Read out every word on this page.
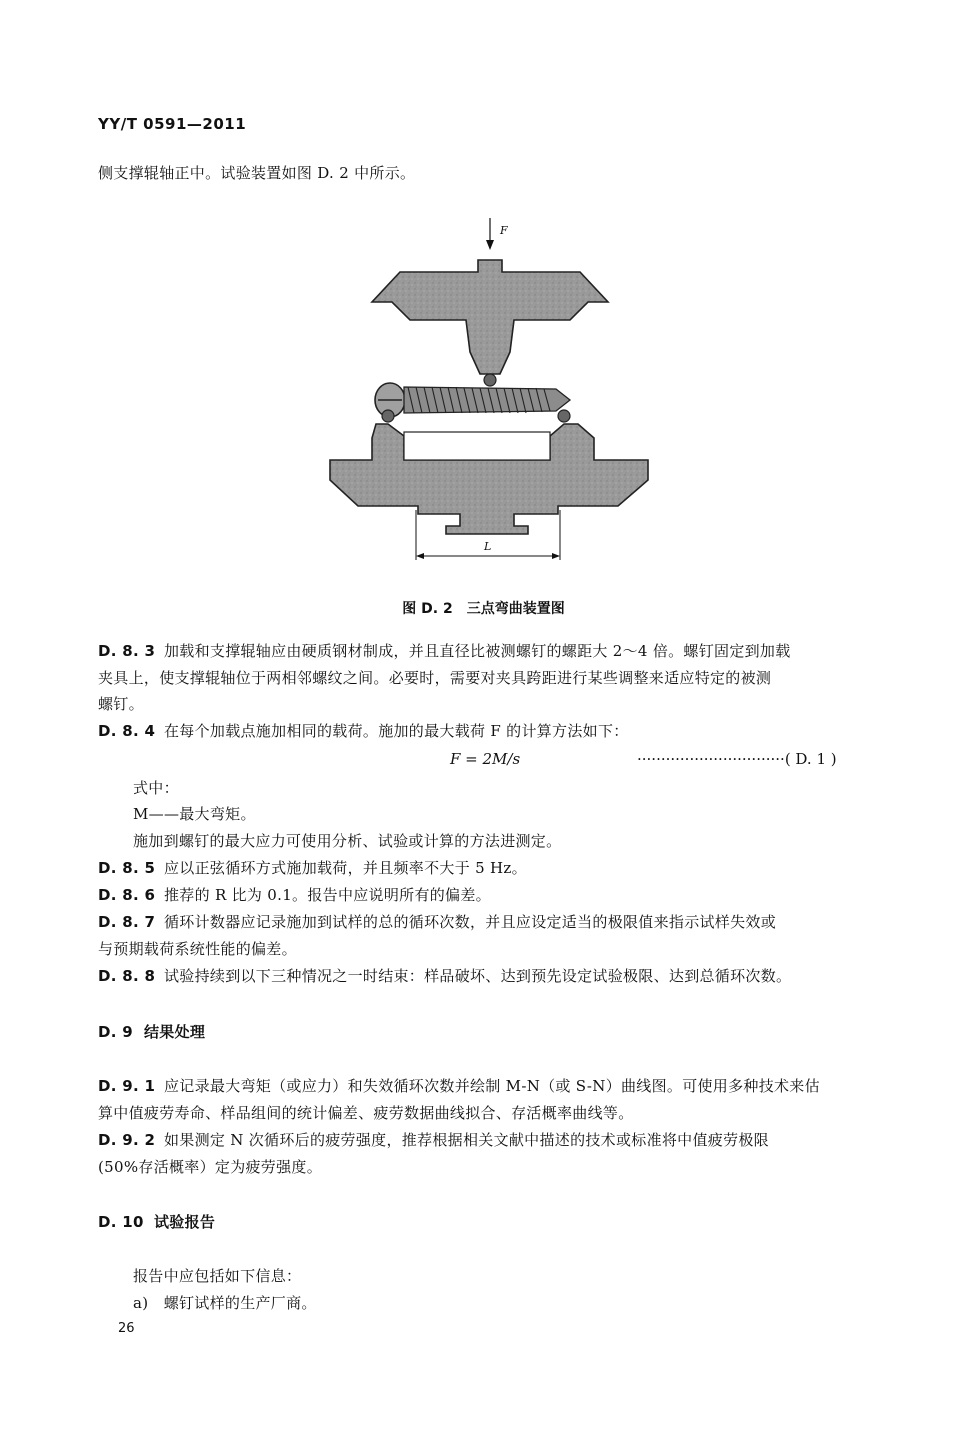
YY/T 0591—2011
侧支撑辊轴正中。试验装置如图 D. 2 中所示。
F
L
图 D. 2　三点弯曲装置图
D. 8. 3 加载和支撑辊轴应由硬质钢材制成，并且直径比被测螺钉的螺距大 2～4 倍。螺钉固定到加载
夹具上，使支撑辊轴位于两相邻螺纹之间。必要时，需要对夹具跨距进行某些调整来适应特定的被测
螺钉。
D. 8. 4 在每个加载点施加相同的载荷。施加的最大载荷 F 的计算方法如下：
F = 2M/s	·······························( D. 1 )
式中：
M——最大弯矩。
施加到螺钉的最大应力可使用分析、试验或计算的方法进测定。
D. 8. 5 应以正弦循环方式施加载荷，并且频率不大于 5 Hz。
D. 8. 6 推荐的 R 比为 0.1。报告中应说明所有的偏差。
D. 8. 7 循环计数器应记录施加到试样的总的循环次数，并且应设定适当的极限值来指示试样失效或
与预期载荷系统性能的偏差。
D. 8. 8 试验持续到以下三种情况之一时结束：样品破坏、达到预先设定试验极限、达到总循环次数。
D. 9 结果处理
D. 9. 1 应记录最大弯矩（或应力）和失效循环次数并绘制 M-N（或 S-N）曲线图。可使用多种技术来估
算中值疲劳寿命、样品组间的统计偏差、疲劳数据曲线拟合、存活概率曲线等。
D. 9. 2 如果测定 N 次循环后的疲劳强度，推荐根据相关文献中描述的技术或标准将中值疲劳极限
(50%存活概率）定为疲劳强度。
D. 10 试验报告
报告中应包括如下信息：
a)　螺钉试样的生产厂商。
26
